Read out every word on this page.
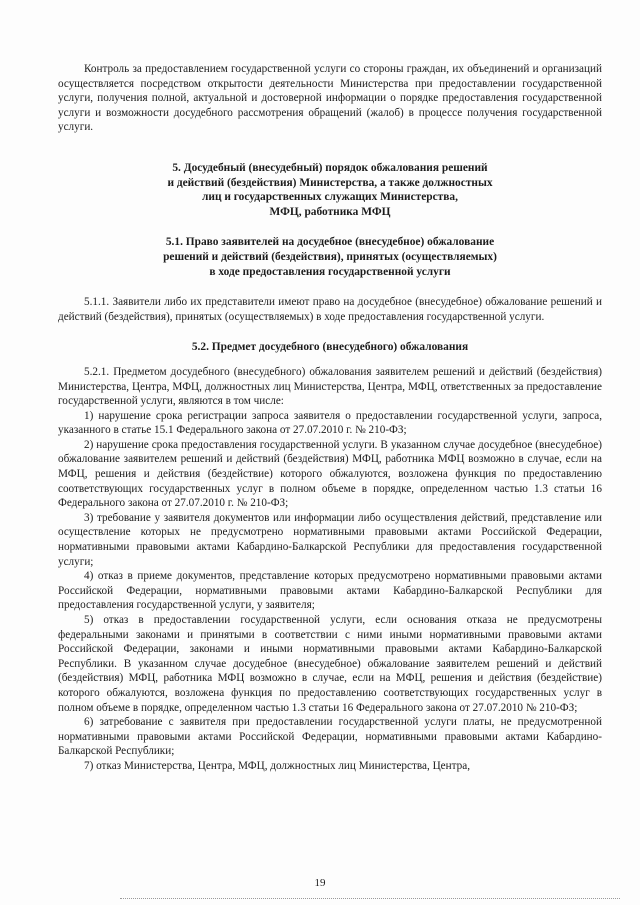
Контроль за предоставлением государственной услуги со стороны граждан, их объединений и организаций осуществляется посредством открытости деятельности Министерства при предоставлении государственной услуги, получения полной, актуальной и достоверной информации о порядке предоставления государственной услуги и возможности досудебного рассмотрения обращений (жалоб) в процессе получения государственной услуги.

5. Досудебный (внесудебный) порядок обжалования решений

и действий (бездействия) Министерства, а также должностных

лиц и государственных служащих Министерства,

МФЦ, работника МФЦ

5.1. Право заявителей на досудебное (внесудебное) обжалование

решений и действий (бездействия), принятых (осуществляемых)

в ходе предоставления государственной услуги

5.1.1. Заявители либо их представители имеют право на досудебное (внесудебное) обжалование решений и действий (бездействия), принятых (осуществляемых) в ходе предоставления государственной услуги.

5.2. Предмет досудебного (внесудебного) обжалования

5.2.1. Предметом досудебного (внесудебного) обжалования заявителем решений и действий (бездействия) Министерства, Центра, МФЦ, должностных лиц Министерства, Центра, МФЦ, ответственных за предоставление государственной услуги, являются в том числе:

1) нарушение срока регистрации запроса заявителя о предоставлении государственной услуги, запроса, указанного в статье 15.1 Федерального закона от 27.07.2010 г. № 210-ФЗ;

2) нарушение срока предоставления государственной услуги. В указанном случае досудебное (внесудебное) обжалование заявителем решений и действий (бездействия) МФЦ, работника МФЦ возможно в случае, если на МФЦ, решения и действия (бездействие) которого обжалуются, возложена функция по предоставлению соответствующих государственных услуг в полном объеме в порядке, определенном частью 1.3 статьи 16 Федерального закона от 27.07.2010 г. № 210-ФЗ;

3) требование у заявителя документов или информации либо осуществления действий, представление или осуществление которых не предусмотрено нормативными правовыми актами Российской Федерации, нормативными правовыми актами Кабардино-Балкарской Республики для предоставления государственной услуги;

4) отказ в приеме документов, представление которых предусмотрено нормативными правовыми актами Российской Федерации, нормативными правовыми актами Кабардино-Балкарской Республики для предоставления государственной услуги, у заявителя;

5) отказ в предоставлении государственной услуги, если основания отказа не предусмотрены федеральными законами и принятыми в соответствии с ними иными нормативными правовыми актами Российской Федерации, законами и иными нормативными правовыми актами Кабардино-Балкарской Республики. В указанном случае досудебное (внесудебное) обжалование заявителем решений и действий (бездействия) МФЦ, работника МФЦ возможно в случае, если на МФЦ, решения и действия (бездействие) которого обжалуются, возложена функция по предоставлению соответствующих государственных услуг в полном объеме в порядке, определенном частью 1.3 статьи 16 Федерального закона от 27.07.2010 № 210-ФЗ;

6) затребование с заявителя при предоставлении государственной услуги платы, не предусмотренной нормативными правовыми актами Российской Федерации, нормативными правовыми актами Кабардино-Балкарской Республики;

7) отказ Министерства, Центра, МФЦ, должностных лиц Министерства, Центра,

19
